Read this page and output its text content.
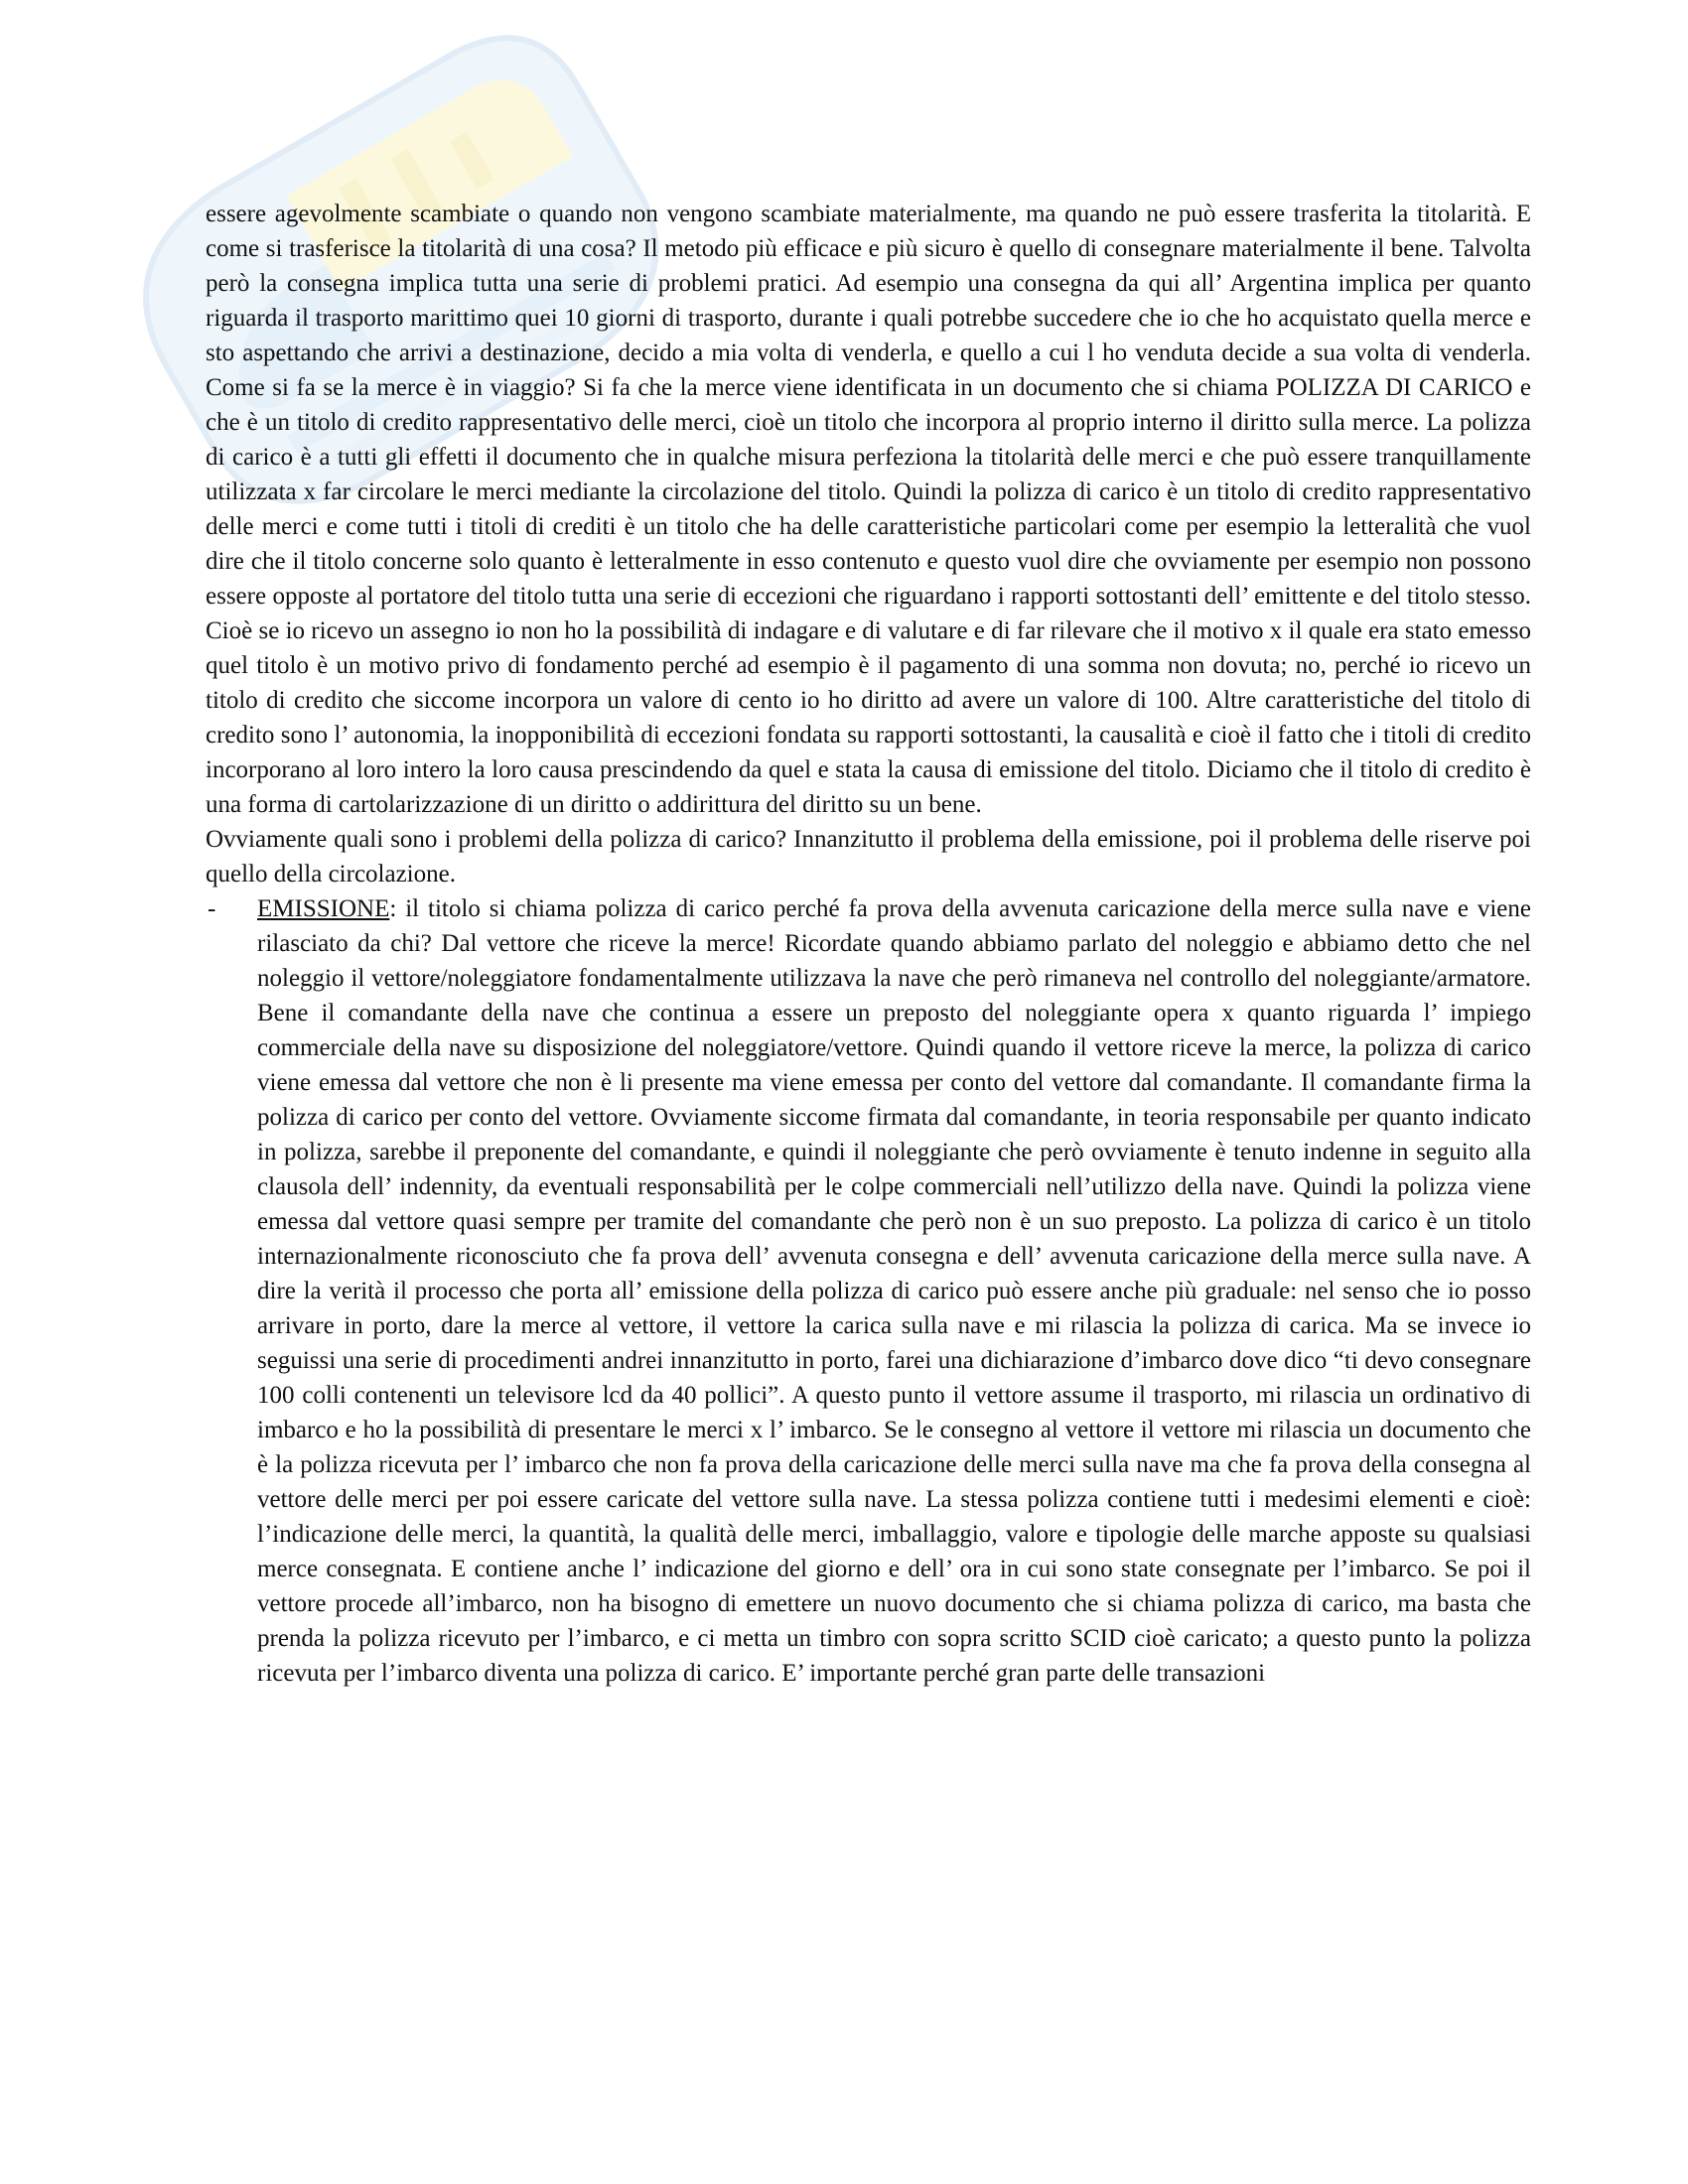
essere agevolmente scambiate o quando non vengono scambiate materialmente, ma quando ne può essere trasferita la titolarità. E come si trasferisce la titolarità di una cosa? Il metodo più efficace e più sicuro è quello di consegnare materialmente il bene. Talvolta però la consegna implica tutta una serie di problemi pratici. Ad esempio una consegna da qui all’ Argentina implica per quanto riguarda il trasporto marittimo quei 10 giorni di trasporto, durante i quali potrebbe succedere che io che ho acquistato quella merce e sto aspettando che arrivi a destinazione, decido a mia volta di venderla, e quello a cui l ho venduta decide a sua volta di venderla. Come si fa se la merce è in viaggio? Si fa che la merce viene identificata in un documento che si chiama POLIZZA DI CARICO e che è un titolo di credito rappresentativo delle merci, cioè un titolo che incorpora al proprio interno il diritto sulla merce. La polizza di carico è a tutti gli effetti il documento che in qualche misura perfeziona la titolarità delle merci e che può essere tranquillamente utilizzata x far circolare le merci mediante la circolazione del titolo. Quindi la polizza di carico è un titolo di credito rappresentativo delle merci e come tutti i titoli di crediti è un titolo che ha delle caratteristiche particolari come per esempio la letteralità che vuol dire che il titolo concerne solo quanto è letteralmente in esso contenuto e questo vuol dire che ovviamente per esempio non possono essere opposte al portatore del titolo tutta una serie di eccezioni che riguardano i rapporti sottostanti dell’ emittente e del titolo stesso. Cioè se io ricevo un assegno io non ho la possibilità di indagare e di valutare e di far rilevare che il motivo x il quale era stato emesso quel titolo è un motivo privo di fondamento perché ad esempio è il pagamento di una somma non dovuta; no, perché io ricevo un titolo di credito che siccome incorpora un valore di cento io ho diritto ad avere un valore di 100. Altre caratteristiche del titolo di credito sono l’ autonomia, la inopponibilità di eccezioni fondata su rapporti sottostanti, la causalità e cioè il fatto che i titoli di credito incorporano al loro intero la loro causa prescindendo da quel e stata la causa di emissione del titolo. Diciamo che il titolo di credito è una forma di cartolarizzazione di un diritto o addirittura del diritto su un bene.

Ovviamente quali sono i problemi della polizza di carico? Innanzitutto il problema della emissione, poi il problema delle riserve poi quello della circolazione.

- EMISSIONE: il titolo si chiama polizza di carico perché fa prova della avvenuta caricazione della merce sulla nave e viene rilasciato da chi? Dal vettore che riceve la merce! Ricordate quando abbiamo parlato del noleggio e abbiamo detto che nel noleggio il vettore/noleggiatore fondamentalmente utilizzava la nave che però rimaneva nel controllo del noleggiante/armatore. Bene il comandante della nave che continua a essere un preposto del noleggiante opera x quanto riguarda l’ impiego commerciale della nave su disposizione del noleggiatore/vettore. Quindi quando il vettore riceve la merce, la polizza di carico viene emessa dal vettore che non è li presente ma viene emessa per conto del vettore dal comandante. Il comandante firma la polizza di carico per conto del vettore. Ovviamente siccome firmata dal comandante, in teoria responsabile per quanto indicato in polizza, sarebbe il preponente del comandante, e quindi il noleggiante che però ovviamente è tenuto indenne in seguito alla clausola dell’ indennity, da eventuali responsabilità per le colpe commerciali nell’utilizzo della nave. Quindi la polizza viene emessa dal vettore quasi sempre per tramite del comandante che però non è un suo preposto. La polizza di carico è un titolo internazionalmente riconosciuto che fa prova dell’ avvenuta consegna e dell’ avvenuta caricazione della merce sulla nave. A dire la verità il processo che porta all’ emissione della polizza di carico può essere anche più graduale: nel senso che io posso arrivare in porto, dare la merce al vettore, il vettore la carica sulla nave e mi rilascia la polizza di carica. Ma se invece io seguissi una serie di procedimenti andrei innanzitutto in porto, farei una dichiarazione d’imbarco dove dico “ti devo consegnare 100 colli contenenti un televisore lcd da 40 pollici”. A questo punto il vettore assume il trasporto, mi rilascia un ordinativo di imbarco e ho la possibilità di presentare le merci x l’ imbarco. Se le consegno al vettore il vettore mi rilascia un documento che è la polizza ricevuta per l’ imbarco che non fa prova della caricazione delle merci sulla nave ma che fa prova della consegna al vettore delle merci per poi essere caricate del vettore sulla nave. La stessa polizza contiene tutti i medesimi elementi e cioè: l’indicazione delle merci, la quantità, la qualità delle merci, imballaggio, valore e tipologie delle marche apposte su qualsiasi merce consegnata. E contiene anche l’ indicazione del giorno e dell’ ora in cui sono state consegnate per l’imbarco. Se poi il vettore procede all’imbarco, non ha bisogno di emettere un nuovo documento che si chiama polizza di carico, ma basta che prenda la polizza ricevuto per l’imbarco, e ci metta un timbro con sopra scritto SCID cioè caricato; a questo punto la polizza ricevuta per l’imbarco diventa una polizza di carico. E’ importante perché gran parte delle transazioni
